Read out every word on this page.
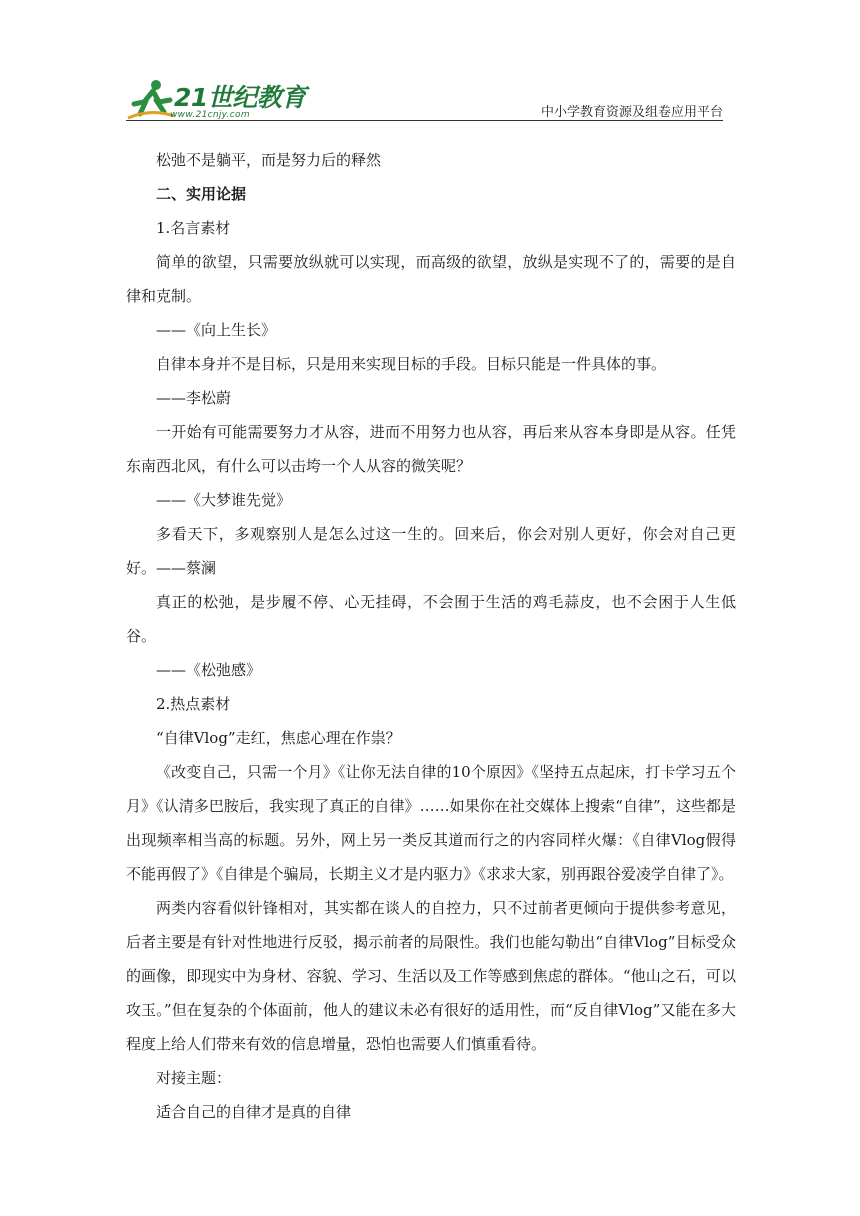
21世纪教育
www.21cnjy.com	中小学教育资源及组卷应用平台

松弛不是躺平，而是努力后的释然

二、实用论据

1.名言素材

简单的欲望，只需要放纵就可以实现，而高级的欲望，放纵是实现不了的，需要的是自律和克制。

——《向上生长》

自律本身并不是目标，只是用来实现目标的手段。目标只能是一件具体的事。

——李松蔚

一开始有可能需要努力才从容，进而不用努力也从容，再后来从容本身即是从容。任凭东南西北风，有什么可以击垮一个人从容的微笑呢？

——《大梦谁先觉》

多看天下，多观察别人是怎么过这一生的。回来后，你会对别人更好，你会对自己更好。——蔡澜

真正的松弛，是步履不停、心无挂碍，不会囿于生活的鸡毛蒜皮，也不会困于人生低谷。

——《松弛感》

2.热点素材

“自律Vlog”走红，焦虑心理在作祟？

《改变自己，只需一个月》《让你无法自律的10个原因》《坚持五点起床，打卡学习五个月》《认清多巴胺后，我实现了真正的自律》……如果你在社交媒体上搜索“自律”，这些都是出现频率相当高的标题。另外，网上另一类反其道而行之的内容同样火爆：《自律Vlog假得不能再假了》《自律是个骗局，长期主义才是内驱力》《求求大家，别再跟谷爱凌学自律了》。

两类内容看似针锋相对，其实都在谈人的自控力，只不过前者更倾向于提供参考意见，后者主要是有针对性地进行反驳，揭示前者的局限性。我们也能勾勒出“自律Vlog”目标受众的画像，即现实中为身材、容貌、学习、生活以及工作等感到焦虑的群体。“他山之石，可以攻玉。”但在复杂的个体面前，他人的建议未必有很好的适用性，而“反自律Vlog”又能在多大程度上给人们带来有效的信息增量，恐怕也需要人们慎重看待。

对接主题：

适合自己的自律才是真的自律
